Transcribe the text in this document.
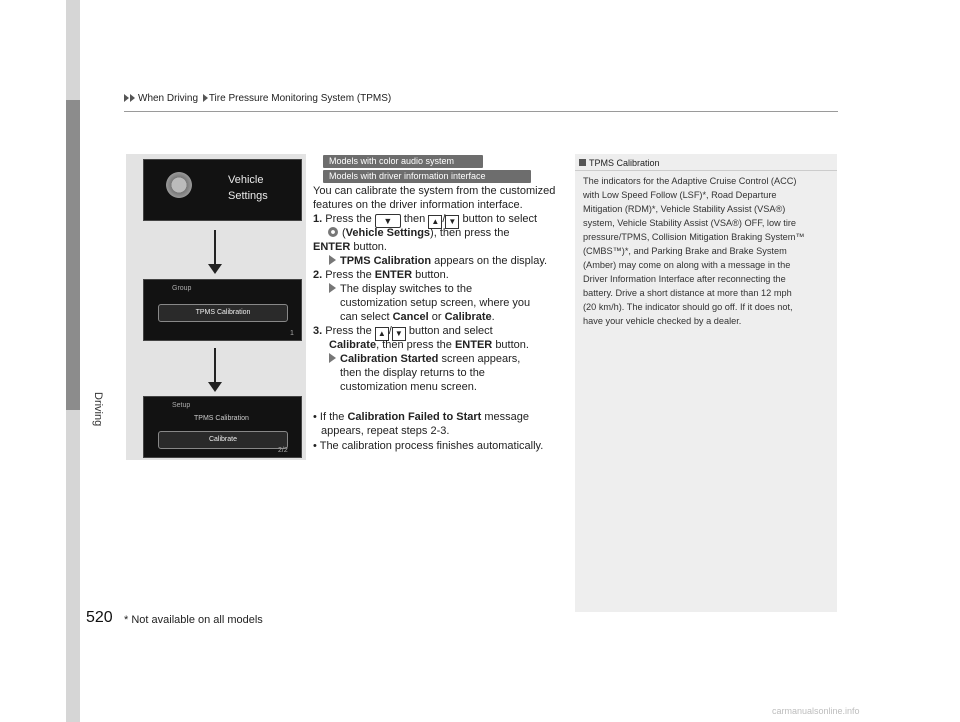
When Driving Tire Pressure Monitoring System (TPMS)
Driving
520
Vehicle
Settings
Group
TPMS Calibration
1
Setup
TPMS Calibration
Calibrate
2/2
Models with color audio system
Models with driver information interface
You can calibrate the system from the customized
features on the driver information interface.
1. Press the ▼ then ▲ / ▼ button to select
(Vehicle Settings), then press the
ENTER button.
TPMS Calibration appears on the display.
2. Press the ENTER button.
The display switches to the
customization setup screen, where you
can select Cancel or Calibrate.
3. Press the ▲ / ▼ button and select
Calibrate, then press the ENTER button.
Calibration Started screen appears,
then the display returns to the
customization menu screen.
• If the Calibration Failed to Start message
appears, repeat steps 2-3.
• The calibration process finishes automatically.
TPMS Calibration
The indicators for the Adaptive Cruise Control (ACC)
with Low Speed Follow (LSF)*, Road Departure
Mitigation (RDM)*, Vehicle Stability Assist (VSA®)
system, Vehicle Stability Assist (VSA®) OFF, low tire
pressure/TPMS, Collision Mitigation Braking System™
(CMBS™)*, and Parking Brake and Brake System
(Amber) may come on along with a message in the
Driver Information Interface after reconnecting the
battery. Drive a short distance at more than 12 mph
(20 km/h). The indicator should go off. If it does not,
have your vehicle checked by a dealer.
* Not available on all models
carmanualsonline.info
